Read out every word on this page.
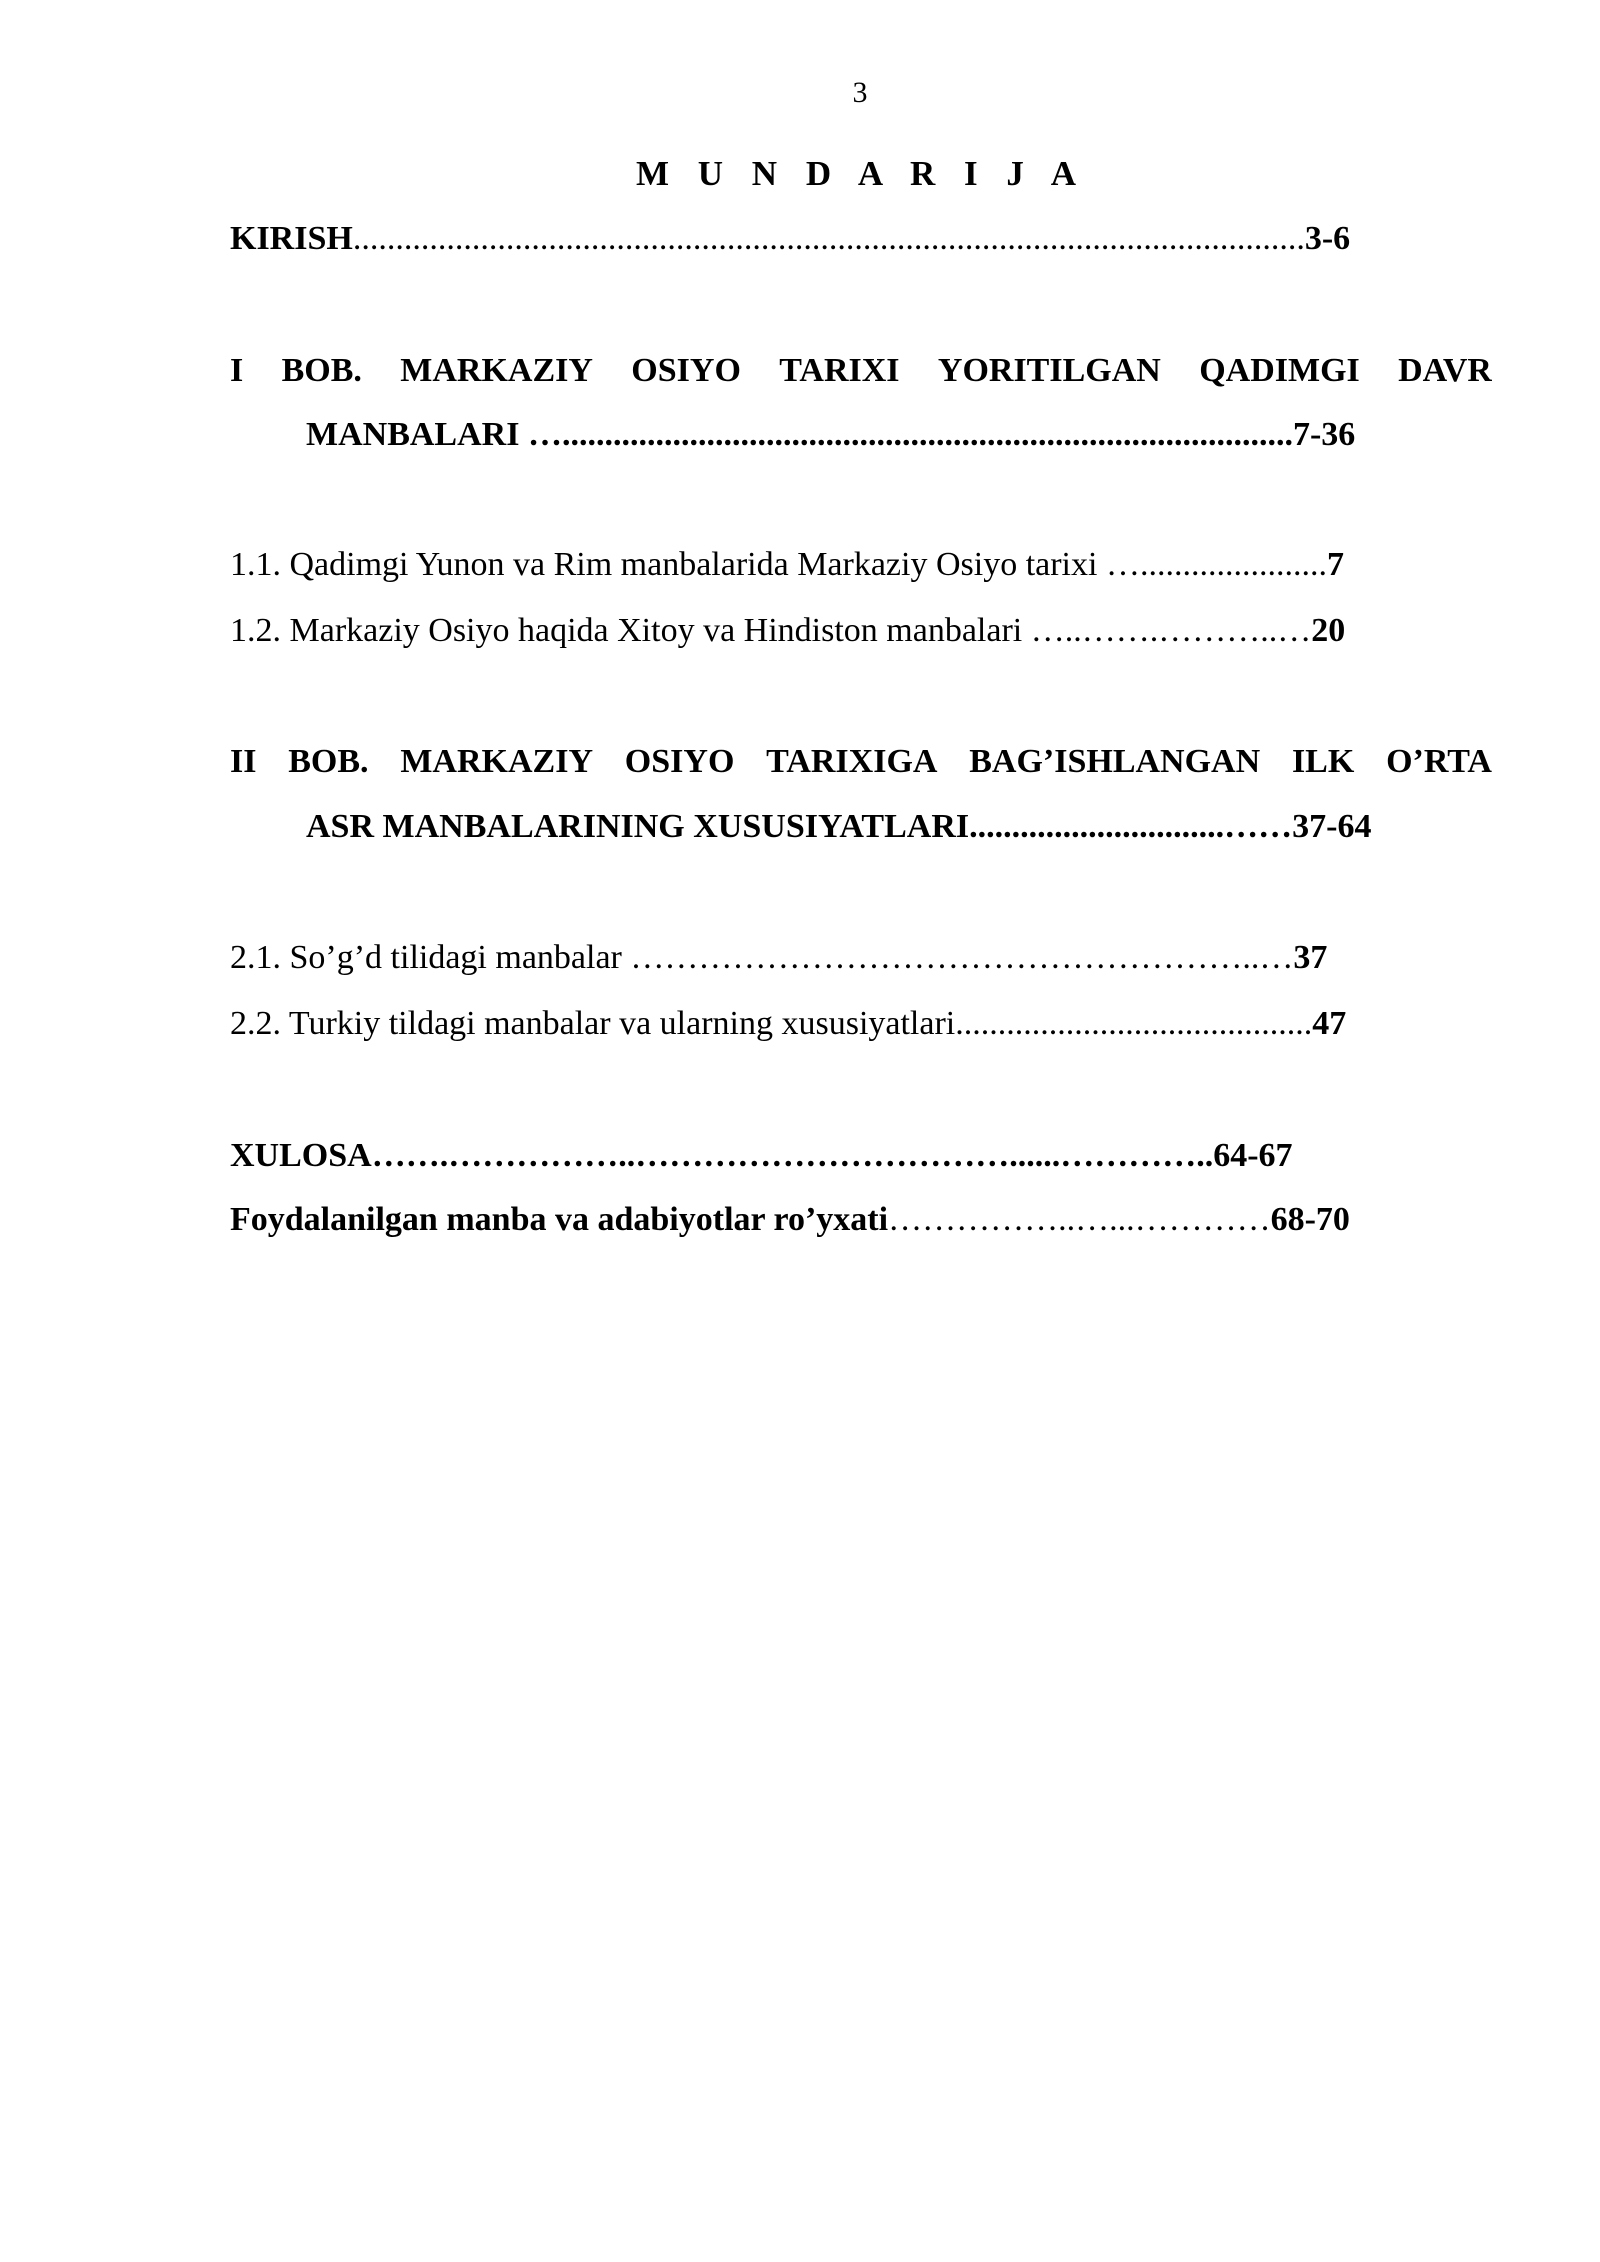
3
M U N D A R I J A
KIRISH................................................................................................................3-6
I BOB. MARKAZIY OSIYO TARIXI YORITILGAN QADIMGI DAVR
MANBALARI …......................................................................................7-36
1.1. Qadimgi Yunon va Rim manbalarida Markaziy Osiyo tarixi …......................7
1.2. Markaziy Osiyo haqida Xitoy va Hindiston manbalari …..…….………..…20
II BOB. MARKAZIY OSIYO TARIXIGA BAG’ISHLANGAN ILK O’RTA
ASR MANBALARINING XUSUSIYATLARI..............................……37-64
2.1. So’g’d tilidagi manbalar ………………………………………………..…37
2.2. Turkiy tildagi manbalar va ularning xususiyatlari..........................................47
XULOSA…….……………..……………………………......…………..64-67
Foydalanilgan manba va adabiyotlar ro’yxati……………..…...…………68-70
